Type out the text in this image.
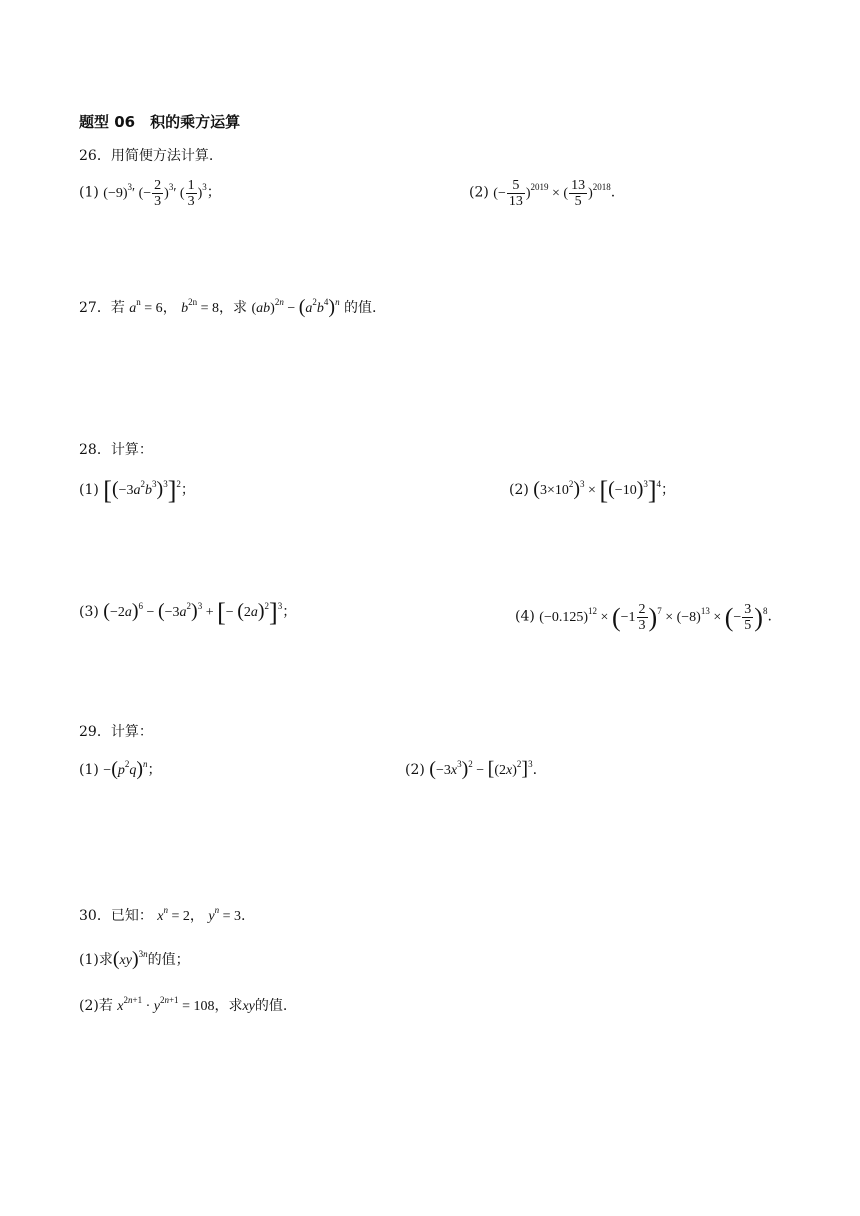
题型 06　积的乘方运算
26．用简便方法计算.
(1) $(-9)^3'$ (− $\frac{2}{3} )^3'$ ( $\frac{1}{3} )^3$；	(2) (− $\frac{5}{13} )^{2019}$ × ( $\frac{13}{5} )^{2018}$.
27．若 $a^n = 6$， $b^{2n} = 8$，求 $(ab)^{2n} - (a^2b^4)^n$ 的值.
28．计算：
(1) $[(-3a^2b^3)^3]^2$；	(2) $(3\times 10^2)^3 \times [(-10)^3]^4$；
(3) $(-2a)^6 - (-3a^2)^3$ + [− $(2a)^2]^3$；	(4) $(-0.125)^{12} \times (-1 \frac{2}{3} )^7 \times (-8)^{13}$ × (− $\frac{3}{5} )^8$.
29．计算：
$(1) -(p^2q)^n$；	(2) $(-3x^3)^2 - [(2x)^2]^3$.
30．已知： $x^n = 2$， $y^n = 3$.
(1)求(xy)$^{3n}$的值；
(2)若 $x^{2n+1} \cdot y^{2n+1} = 108$，求xy的值.
